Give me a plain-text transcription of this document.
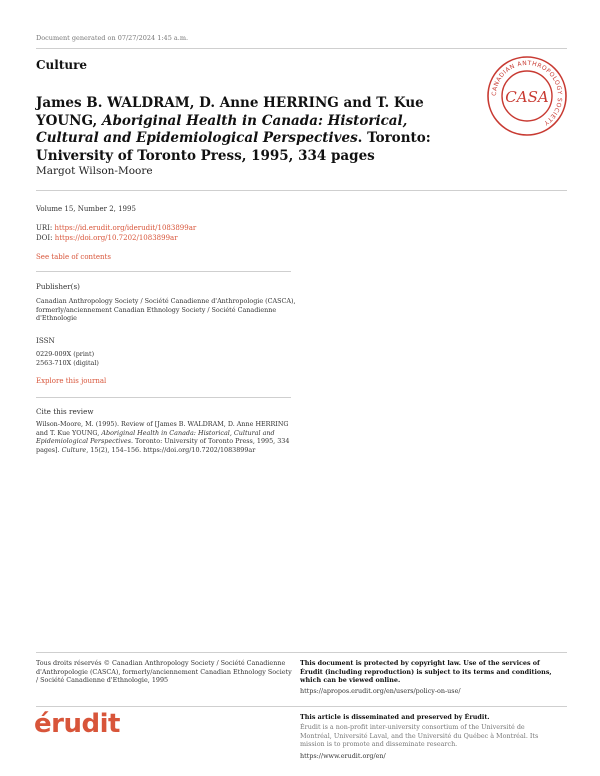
Document generated on 07/27/2024 1:45 a.m.
Culture
CANADIAN ANTHROPOLOGY SOCIETY
CASA
James B. WALDRAM, D. Anne HERRING and T. Kue YOUNG, Aboriginal Health in Canada: Historical, Cultural and Epidemiological Perspectives. Toronto: University of Toronto Press, 1995, 334 pages
Margot Wilson-Moore
Volume 15, Number 2, 1995
URI: https://id.erudit.org/iderudit/1083899ar
DOI: https://doi.org/10.7202/1083899ar
See table of contents
Publisher(s)
Canadian Anthropology Society / Société Canadienne d'Anthropologie (CASCA), formerly/anciennement Canadian Ethnology Society / Société Canadienne d'Ethnologie
ISSN
0229-009X (print)
2563-710X (digital)
Explore this journal
Cite this review
Wilson-Moore, M. (1995). Review of [James B. WALDRAM, D. Anne HERRING and T. Kue YOUNG, Aboriginal Health in Canada: Historical, Cultural and Epidemiological Perspectives. Toronto: University of Toronto Press, 1995, 334 pages]. Culture, 15(2), 154–156. https://doi.org/10.7202/1083899ar
Tous droits réservés © Canadian Anthropology Society / Société Canadienne d'Anthropologie (CASCA), formerly/anciennement Canadian Ethnology Society / Société Canadienne d'Ethnologie, 1995
This document is protected by copyright law. Use of the services of Érudit (including reproduction) is subject to its terms and conditions, which can be viewed online.
https://apropos.erudit.org/en/users/policy-on-use/
érudit	This article is disseminated and preserved by Érudit.
Érudit is a non-profit inter-university consortium of the Université de Montréal, Université Laval, and the Université du Québec à Montréal. Its mission is to promote and disseminate research.
https://www.erudit.org/en/
